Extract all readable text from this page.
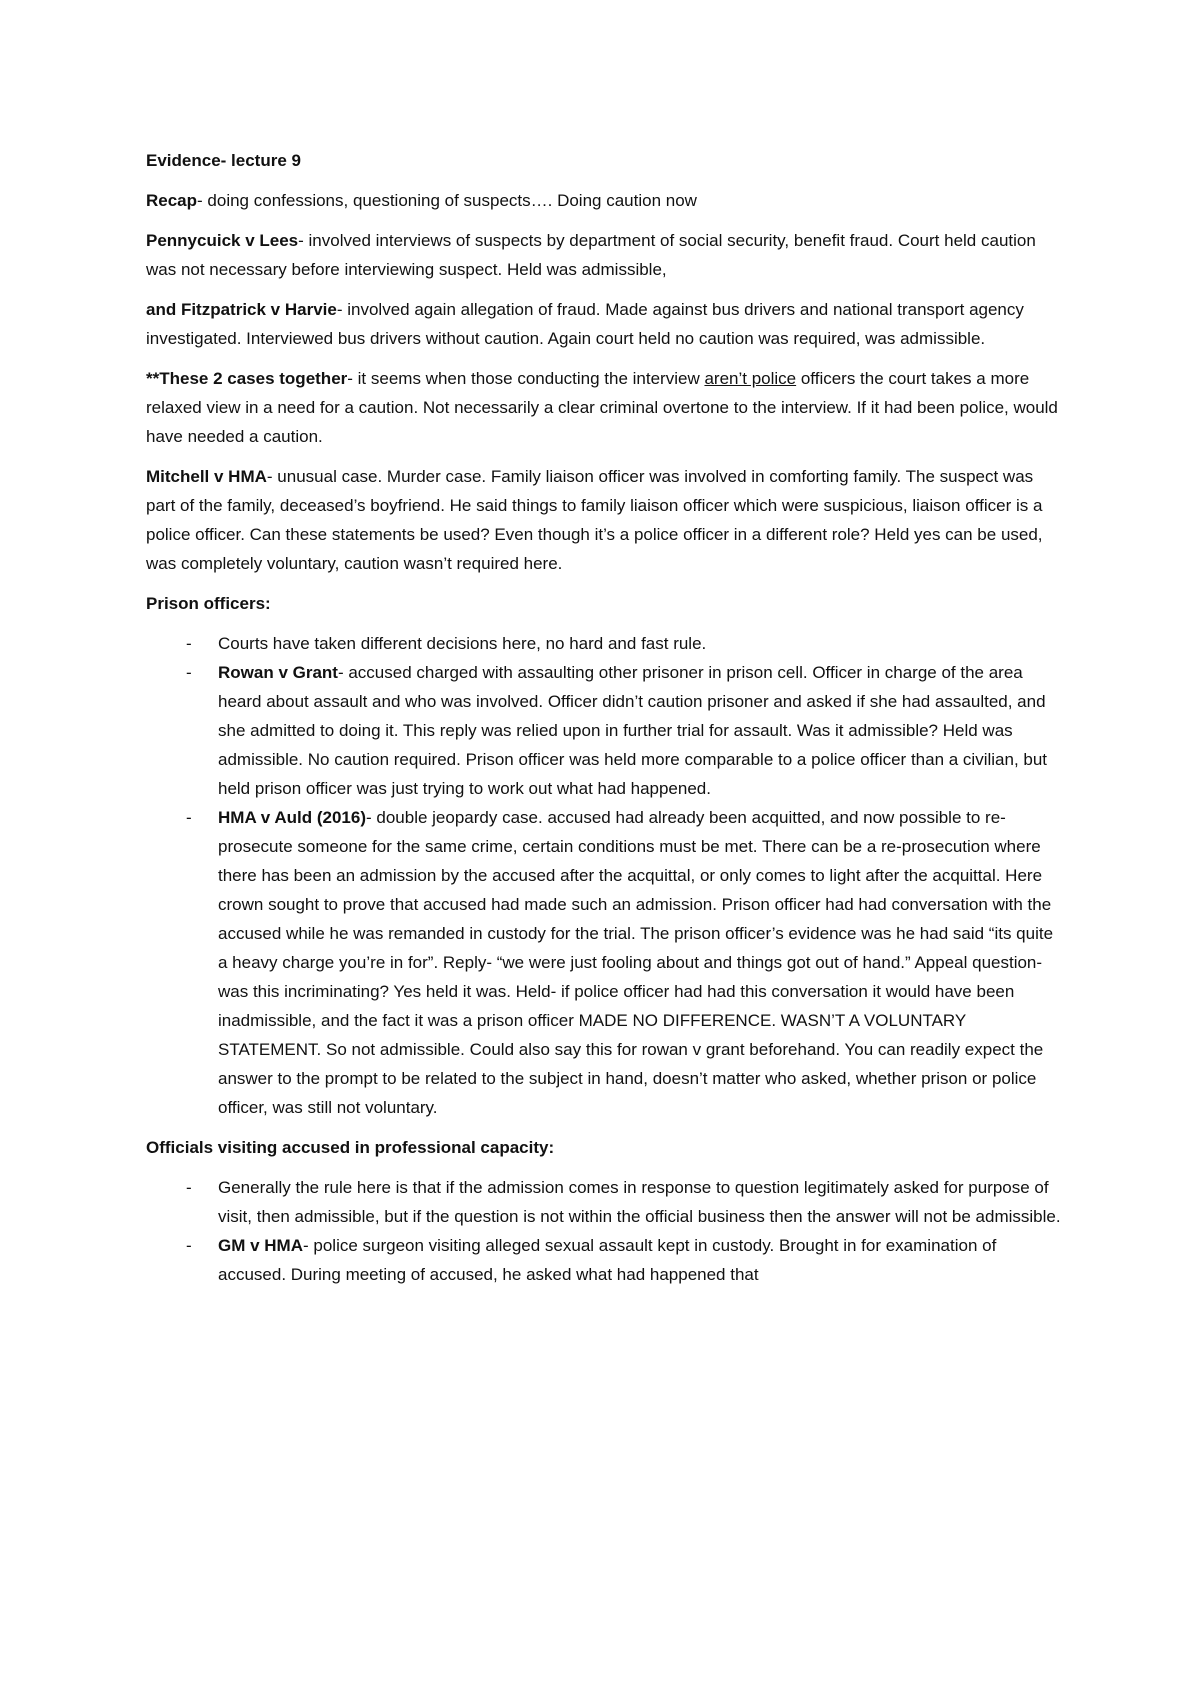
Evidence- lecture 9

Recap- doing confessions, questioning of suspects…. Doing caution now

Pennycuick v Lees- involved interviews of suspects by department of social security, benefit fraud. Court held caution was not necessary before interviewing suspect. Held was admissible,

and Fitzpatrick v Harvie- involved again allegation of fraud. Made against bus drivers and national transport agency investigated. Interviewed bus drivers without caution. Again court held no caution was required, was admissible.

**These 2 cases together- it seems when those conducting the interview aren’t police officers the court takes a more relaxed view in a need for a caution. Not necessarily a clear criminal overtone to the interview. If it had been police, would have needed a caution.

Mitchell v HMA- unusual case. Murder case. Family liaison officer was involved in comforting family. The suspect was part of the family, deceased’s boyfriend. He said things to family liaison officer which were suspicious, liaison officer is a police officer. Can these statements be used? Even though it’s a police officer in a different role? Held yes can be used, was completely voluntary, caution wasn’t required here.

Prison officers:

- Courts have taken different decisions here, no hard and fast rule.
- Rowan v Grant- accused charged with assaulting other prisoner in prison cell. Officer in charge of the area heard about assault and who was involved. Officer didn’t caution prisoner and asked if she had assaulted, and she admitted to doing it. This reply was relied upon in further trial for assault. Was it admissible? Held was admissible. No caution required. Prison officer was held more comparable to a police officer than a civilian, but held prison officer was just trying to work out what had happened.
- HMA v Auld (2016)- double jeopardy case. accused had already been acquitted, and now possible to re-prosecute someone for the same crime, certain conditions must be met. There can be a re-prosecution where there has been an admission by the accused after the acquittal, or only comes to light after the acquittal. Here crown sought to prove that accused had made such an admission. Prison officer had had conversation with the accused while he was remanded in custody for the trial. The prison officer’s evidence was he had said “its quite a heavy charge you’re in for”. Reply- “we were just fooling about and things got out of hand.” Appeal question- was this incriminating? Yes held it was. Held- if police officer had had this conversation it would have been inadmissible, and the fact it was a prison officer MADE NO DIFFERENCE. WASN’T A VOLUNTARY STATEMENT. So not admissible. Could also say this for rowan v grant beforehand. You can readily expect the answer to the prompt to be related to the subject in hand, doesn’t matter who asked, whether prison or police officer, was still not voluntary.

Officials visiting accused in professional capacity:

- Generally the rule here is that if the admission comes in response to question legitimately asked for purpose of visit, then admissible, but if the question is not within the official business then the answer will not be admissible.
- GM v HMA- police surgeon visiting alleged sexual assault kept in custody. Brought in for examination of accused. During meeting of accused, he asked what had happened that
